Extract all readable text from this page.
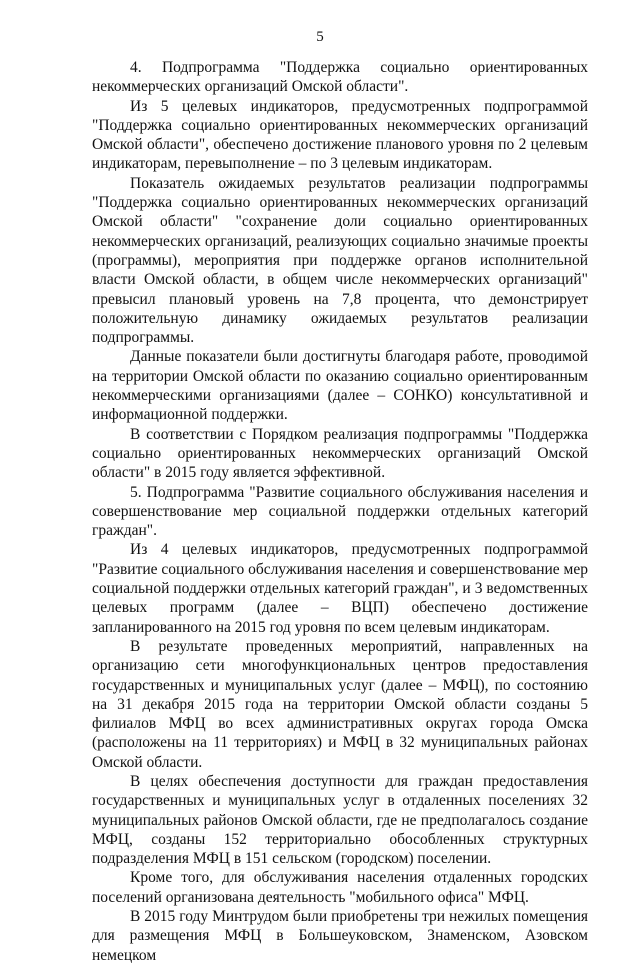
5

4. Подпрограмма "Поддержка социально ориентированных некоммерческих организаций Омской области".

Из 5 целевых индикаторов, предусмотренных подпрограммой "Поддержка социально ориентированных некоммерческих организаций Омской области", обеспечено достижение планового уровня по 2 целевым индикаторам, перевыполнение – по 3 целевым индикаторам.

Показатель ожидаемых результатов реализации подпрограммы "Поддержка социально ориентированных некоммерческих организаций Омской области" "сохранение доли социально ориентированных некоммерческих организаций, реализующих социально значимые проекты (программы), мероприятия при поддержке органов исполнительной власти Омской области, в общем числе некоммерческих организаций" превысил плановый уровень на 7,8 процента, что демонстрирует положительную динамику ожидаемых результатов реализации подпрограммы.

Данные показатели были достигнуты благодаря работе, проводимой на территории Омской области по оказанию социально ориентированным некоммерческими организациями (далее – СОНКО) консультативной и информационной поддержки.

В соответствии с Порядком реализация подпрограммы "Поддержка социально ориентированных некоммерческих организаций Омской области" в 2015 году является эффективной.

5. Подпрограмма "Развитие социального обслуживания населения и совершенствование мер социальной поддержки отдельных категорий граждан".

Из 4 целевых индикаторов, предусмотренных подпрограммой "Развитие социального обслуживания населения и совершенствование мер социальной поддержки отдельных категорий граждан", и 3 ведомственных целевых программ (далее – ВЦП) обеспечено достижение запланированного на 2015 год уровня по всем целевым индикаторам.

В результате проведенных мероприятий, направленных на организацию сети многофункциональных центров предоставления государственных и муниципальных услуг (далее – МФЦ), по состоянию на 31 декабря 2015 года на территории Омской области созданы 5 филиалов МФЦ во всех административных округах города Омска (расположены на 11 территориях) и МФЦ в 32 муниципальных районах Омской области.

В целях обеспечения доступности для граждан предоставления государственных и муниципальных услуг в отдаленных поселениях 32 муниципальных районов Омской области, где не предполагалось создание МФЦ, созданы 152 территориально обособленных структурных подразделения МФЦ в 151 сельском (городском) поселении.

Кроме того, для обслуживания населения отдаленных городских поселений организована деятельность "мобильного офиса" МФЦ.

В 2015 году Минтрудом были приобретены три нежилых помещения для размещения МФЦ в Большеуковском, Знаменском, Азовском немецком
